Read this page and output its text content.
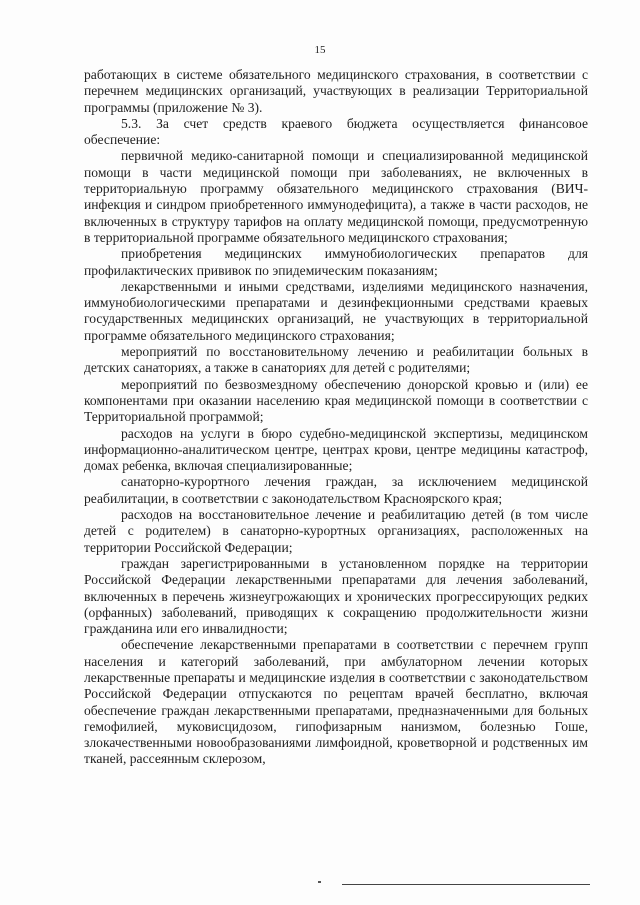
15

работающих в системе обязательного медицинского страхования, в соответствии с перечнем медицинских организаций, участвующих в реализации Территориальной программы (приложение № 3).

5.3. За счет средств краевого бюджета осуществляется финансовое обеспечение:

первичной медико-санитарной помощи и специализированной медицинской помощи в части медицинской помощи при заболеваниях, не включенных в территориальную программу обязательного медицинского страхования (ВИЧ-инфекция и синдром приобретенного иммунодефицита), а также в части расходов, не включенных в структуру тарифов на оплату медицинской помощи, предусмотренную в территориальной программе обязательного медицинского страхования;

приобретения медицинских иммунобиологических препаратов для профилактических прививок по эпидемическим показаниям;

лекарственными и иными средствами, изделиями медицинского назначения, иммунобиологическими препаратами и дезинфекционными средствами краевых государственных медицинских организаций, не участвующих в территориальной программе обязательного медицинского страхования;

мероприятий по восстановительному лечению и реабилитации больных в детских санаториях, а также в санаториях для детей с родителями;

мероприятий по безвозмездному обеспечению донорской кровью и (или) ее компонентами при оказании населению края медицинской помощи в соответствии с Территориальной программой;

расходов на услуги в бюро судебно-медицинской экспертизы, медицинском информационно-аналитическом центре, центрах крови, центре медицины катастроф, домах ребенка, включая специализированные;

санаторно-курортного лечения граждан, за исключением медицинской реабилитации, в соответствии с законодательством Красноярского края;

расходов на восстановительное лечение и реабилитацию детей (в том числе детей с родителем) в санаторно-курортных организациях, расположенных на территории Российской Федерации;

граждан зарегистрированными в установленном порядке на территории Российской Федерации лекарственными препаратами для лечения заболеваний, включенных в перечень жизнеугрожающих и хронических прогрессирующих редких (орфанных) заболеваний, приводящих к сокращению продолжительности жизни гражданина или его инвалидности;

обеспечение лекарственными препаратами в соответствии с перечнем групп населения и категорий заболеваний, при амбулаторном лечении которых лекарственные препараты и медицинские изделия в соответствии с законодательством Российской Федерации отпускаются по рецептам врачей бесплатно, включая обеспечение граждан лекарственными препаратами, предназначенными для больных гемофилией, муковисцидозом, гипофизарным нанизмом, болезнью Гоше, злокачественными новообразованиями лимфоидной, кроветворной и родственных им тканей, рассеянным склерозом,
